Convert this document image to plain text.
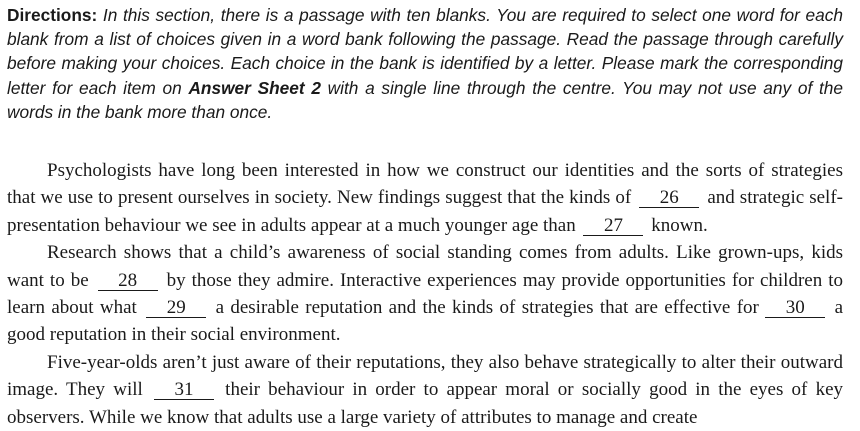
Directions: In this section, there is a passage with ten blanks. You are required to select one word for each blank from a list of choices given in a word bank following the passage. Read the passage through carefully before making your choices. Each choice in the bank is identified by a letter. Please mark the corresponding letter for each item on Answer Sheet 2 with a single line through the centre. You may not use any of the words in the bank more than once.

Psychologists have long been interested in how we construct our identities and the sorts of strategies that we use to present ourselves in society. New findings suggest that the kinds of 26 and strategic self-presentation behaviour we see in adults appear at a much younger age than 27 known.

Research shows that a child’s awareness of social standing comes from adults. Like grown-ups, kids want to be 28 by those they admire. Interactive experiences may provide opportunities for children to learn about what 29 a desirable reputation and the kinds of strategies that are effective for 30 a good reputation in their social environment.

Five-year-olds aren’t just aware of their reputations, they also behave strategically to alter their outward image. They will 31 their behaviour in order to appear moral or socially good in the eyes of key observers. While we know that adults use a large variety of attributes to manage and create
